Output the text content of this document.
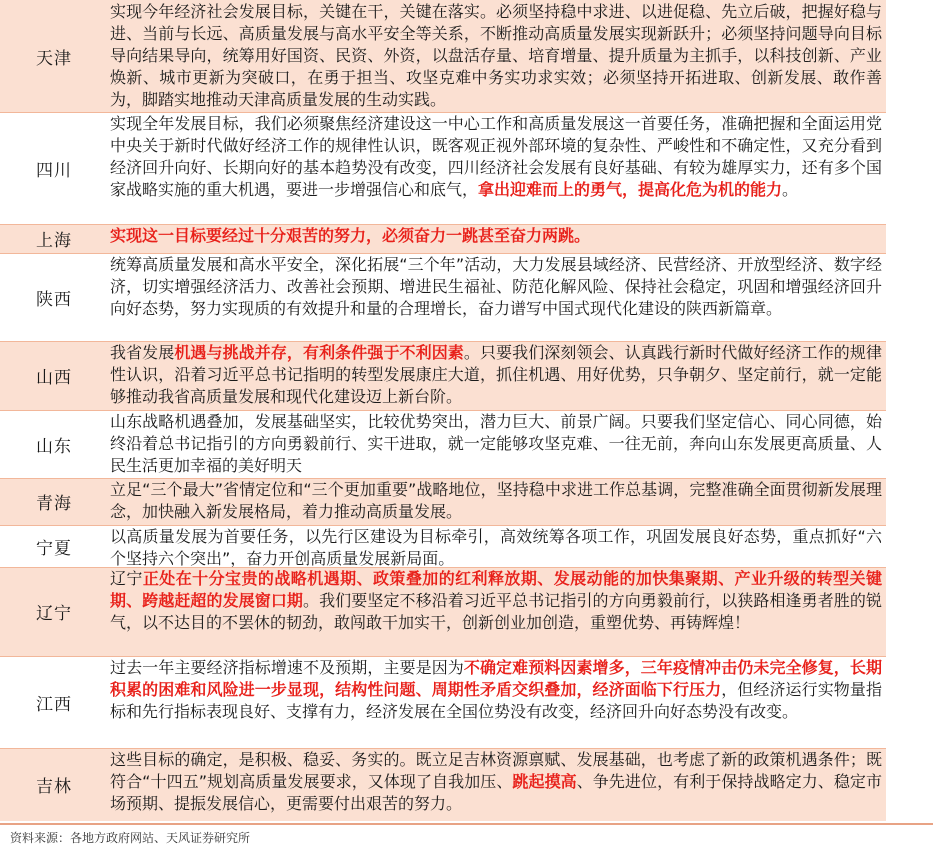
天津
实现今年经济社会发展目标，关键在干，关键在落实。必须坚持稳中求进、以进促稳、先立后破，把握好稳与进、当前与长远、高质量发展与高水平安全等关系，不断推动高质量发展实现新跃升；必须坚持问题导向目标导向结果导向，统筹用好国资、民资、外资，以盘活存量、培育增量、提升质量为主抓手，以科技创新、产业焕新、城市更新为突破口，在勇于担当、攻坚克难中务实功求实效；必须坚持开拓进取、创新发展、敢作善为，脚踏实地推动天津高质量发展的生动实践。
四川
实现全年发展目标，我们必须聚焦经济建设这一中心工作和高质量发展这一首要任务，准确把握和全面运用党中央关于新时代做好经济工作的规律性认识，既客观正视外部环境的复杂性、严峻性和不确定性，又充分看到经济回升向好、长期向好的基本趋势没有改变，四川经济社会发展有良好基础、有较为雄厚实力，还有多个国家战略实施的重大机遇，要进一步增强信心和底气，拿出迎难而上的勇气，提高化危为机的能力。
上海	实现这一目标要经过十分艰苦的努力，必须奋力一跳甚至奋力两跳。
陕西
统筹高质量发展和高水平安全，深化拓展“三个年”活动，大力发展县域经济、民营经济、开放型经济、数字经济，切实增强经济活力、改善社会预期、增进民生福祉、防范化解风险、保持社会稳定，巩固和增强经济回升向好态势，努力实现质的有效提升和量的合理增长，奋力谱写中国式现代化建设的陕西新篇章。
山西
我省发展机遇与挑战并存，有利条件强于不利因素。只要我们深刻领会、认真践行新时代做好经济工作的规律性认识，沿着习近平总书记指明的转型发展康庄大道，抓住机遇、用好优势，只争朝夕、坚定前行，就一定能够推动我省高质量发展和现代化建设迈上新台阶。
山东
山东战略机遇叠加，发展基础坚实，比较优势突出，潜力巨大、前景广阔。只要我们坚定信心、同心同德，始终沿着总书记指引的方向勇毅前行、实干进取，就一定能够攻坚克难、一往无前，奔向山东发展更高质量、人民生活更加幸福的美好明天
青海
立足“三个最大”省情定位和“三个更加重要”战略地位，坚持稳中求进工作总基调，完整准确全面贯彻新发展理念，加快融入新发展格局，着力推动高质量发展。
宁夏
以高质量发展为首要任务，以先行区建设为目标牵引，高效统筹各项工作，巩固发展良好态势，重点抓好“六个坚持六个突出”，奋力开创高质量发展新局面。
辽宁
辽宁正处在十分宝贵的战略机遇期、政策叠加的红利释放期、发展动能的加快集聚期、产业升级的转型关键期、跨越赶超的发展窗口期。我们要坚定不移沿着习近平总书记指引的方向勇毅前行，以狭路相逢勇者胜的锐气，以不达目的不罢休的韧劲，敢闯敢干加实干，创新创业加创造，重塑优势、再铸辉煌！
江西
过去一年主要经济指标增速不及预期，主要是因为不确定难预料因素增多，三年疫情冲击仍未完全修复，长期积累的困难和风险进一步显现，结构性问题、周期性矛盾交织叠加，经济面临下行压力，但经济运行实物量指标和先行指标表现良好、支撑有力，经济发展在全国位势没有改变，经济回升向好态势没有改变。
吉林
这些目标的确定，是积极、稳妥、务实的。既立足吉林资源禀赋、发展基础，也考虑了新的政策机遇条件；既符合“十四五”规划高质量发展要求，又体现了自我加压、跳起摸高、争先进位，有利于保持战略定力、稳定市场预期、提振发展信心，更需要付出艰苦的努力。
资料来源：各地方政府网站、天风证券研究所
